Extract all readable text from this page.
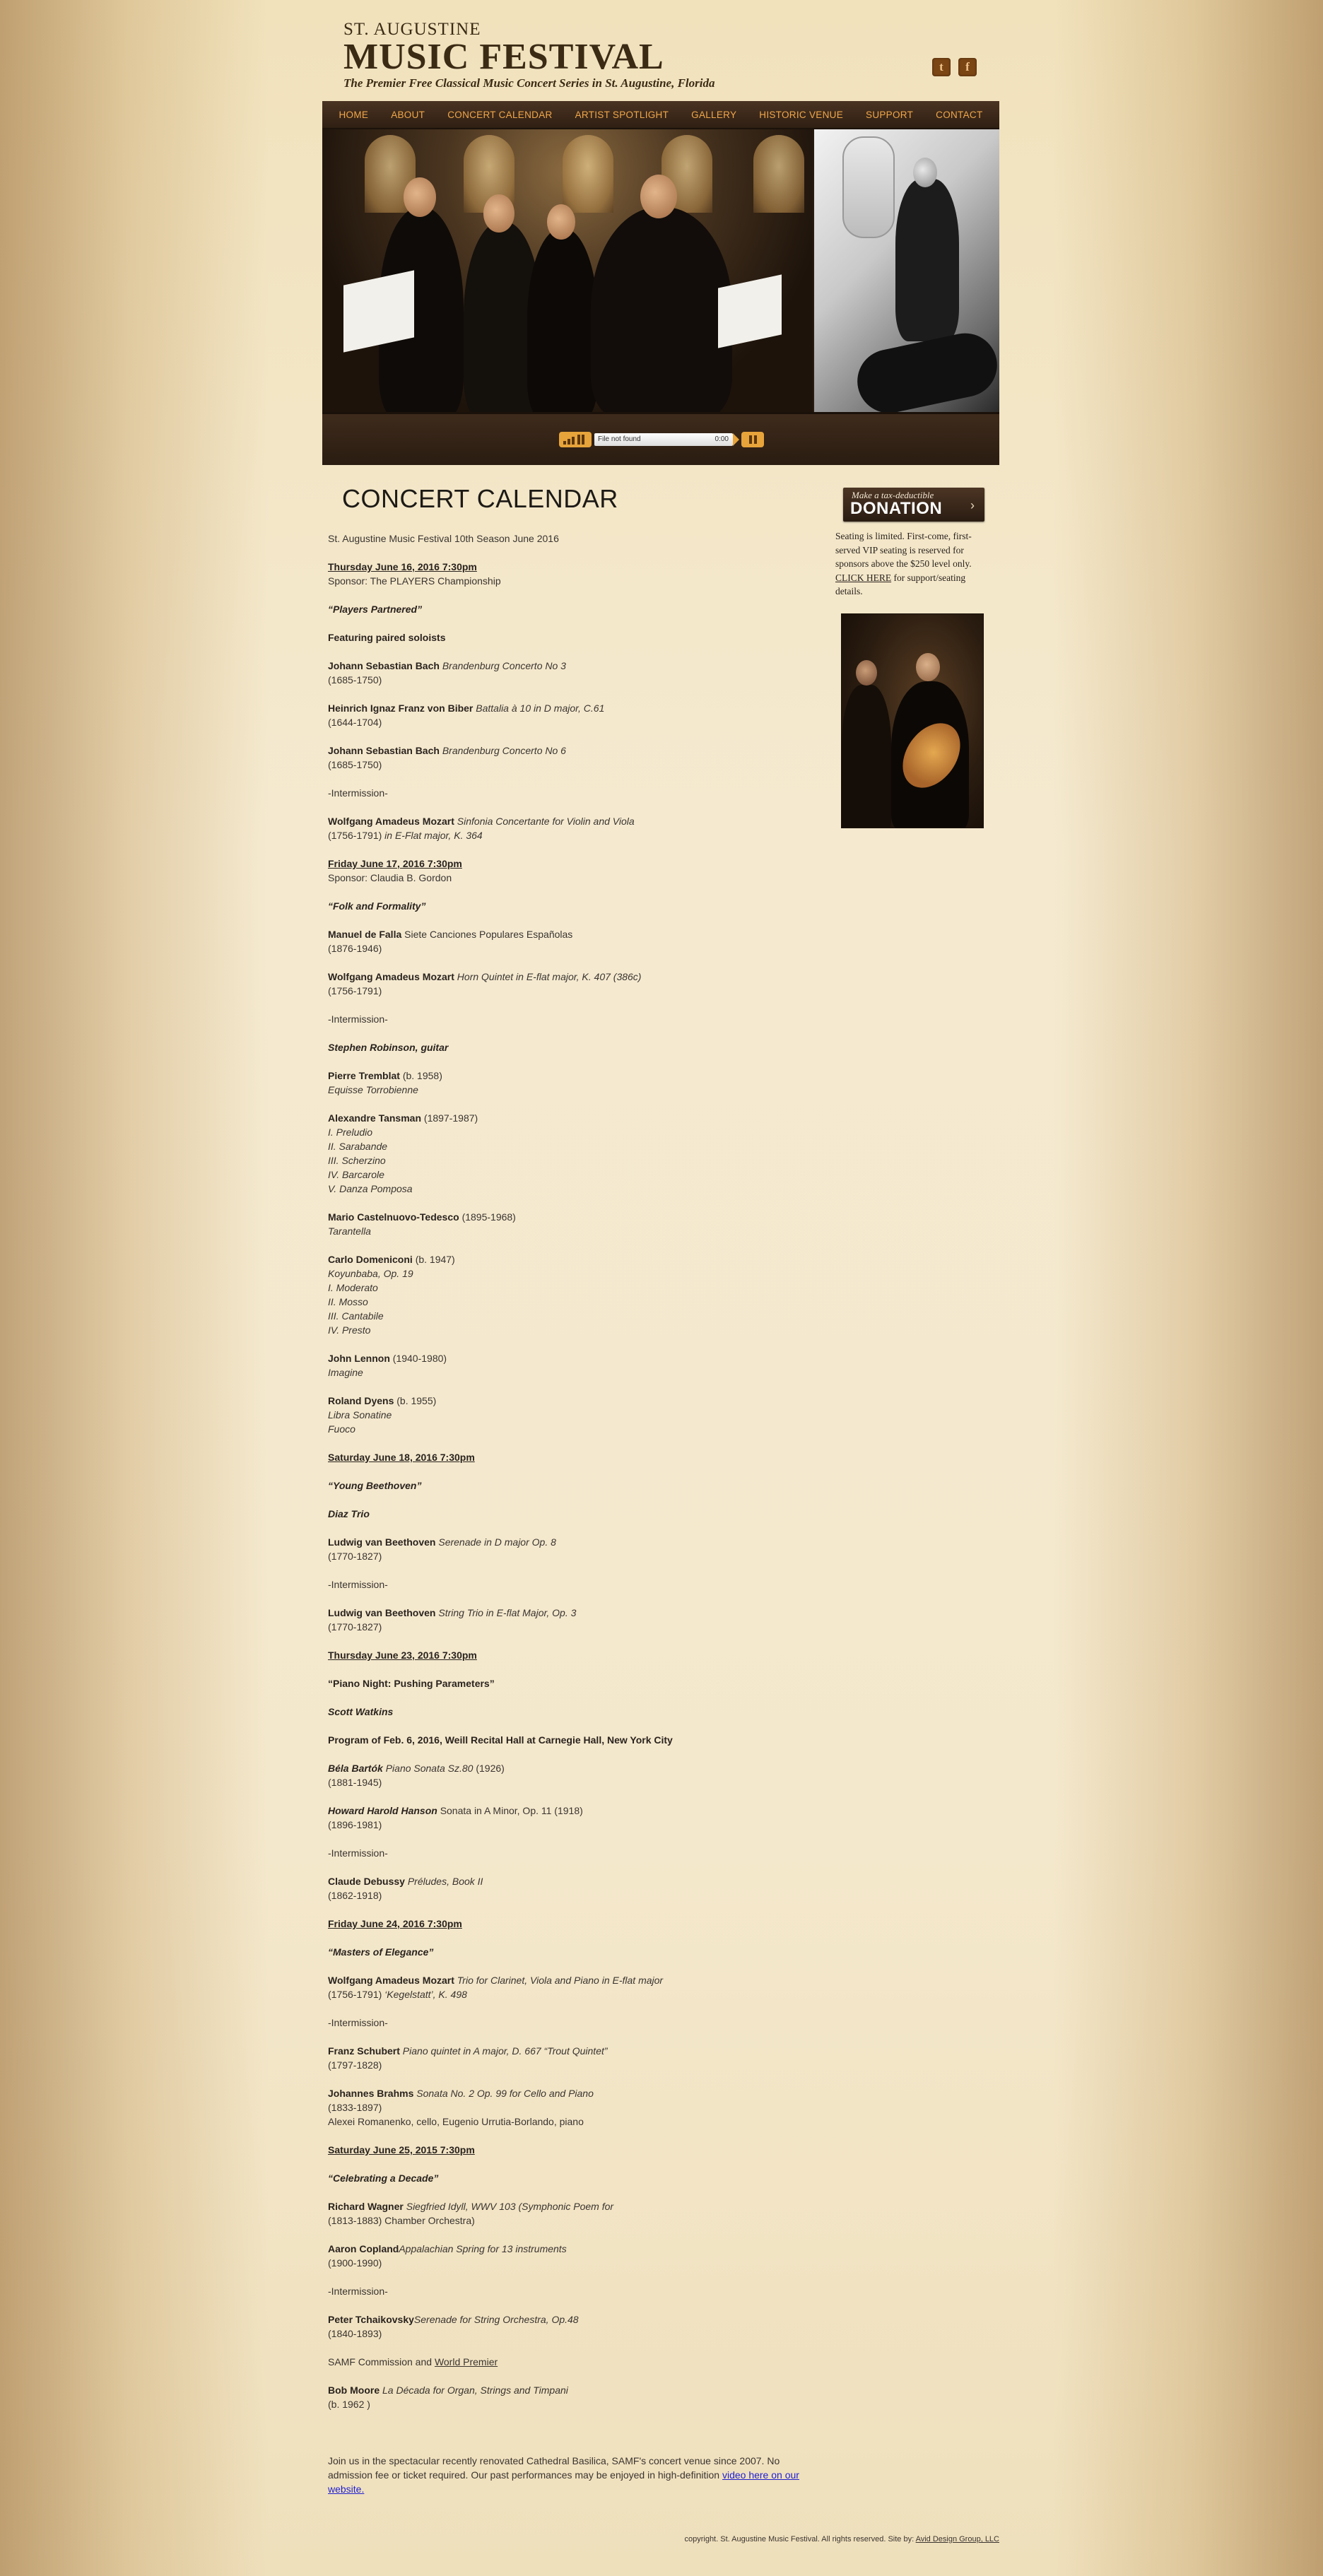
ST. AUGUSTINE
MUSIC FESTIVAL
The Premier Free Classical Music Concert Series in St. Augustine, Florida
t	f
HOME ABOUT CONCERT CALENDAR ARTIST SPOTLIGHT GALLERY HISTORIC VENUE SUPPORT CONTACT
File not found	0:00
CONCERT CALENDAR

St. Augustine Music Festival 10th Season June 2016

Thursday June 16, 2016 7:30pm
Sponsor: The PLAYERS Championship

“Players Partnered”

Featuring paired soloists

Johann Sebastian Bach Brandenburg Concerto No 3
(1685-1750)

Heinrich Ignaz Franz von Biber Battalia à 10 in D major, C.61
(1644-1704)

Johann Sebastian Bach Brandenburg Concerto No 6
(1685-1750)

-Intermission-

Wolfgang Amadeus Mozart Sinfonia Concertante for Violin and Viola
(1756-1791) in E-Flat major, K. 364

Friday June 17, 2016 7:30pm
Sponsor: Claudia B. Gordon

“Folk and Formality”

Manuel de Falla Siete Canciones Populares Españolas
(1876-1946)

Wolfgang Amadeus Mozart Horn Quintet in E-flat major, K. 407 (386c)
(1756-1791)

-Intermission-

Stephen Robinson, guitar

Pierre Tremblat (b. 1958)
Equisse Torrobienne

Alexandre Tansman (1897-1987)
I. Preludio
II. Sarabande
III. Scherzino
IV. Barcarole
V. Danza Pomposa

Mario Castelnuovo-Tedesco (1895-1968)
Tarantella

Carlo Domeniconi (b. 1947)
Koyunbaba, Op. 19
I. Moderato
II. Mosso
III. Cantabile
IV. Presto

John Lennon (1940-1980)
Imagine

Roland Dyens (b. 1955)
Libra Sonatine
Fuoco

Saturday June 18, 2016 7:30pm

“Young Beethoven”

Diaz Trio

Ludwig van Beethoven Serenade in D major Op. 8
(1770-1827)

-Intermission-

Ludwig van Beethoven String Trio in E-flat Major, Op. 3
(1770-1827)

Thursday June 23, 2016 7:30pm

“Piano Night: Pushing Parameters”

Scott Watkins

Program of Feb. 6, 2016, Weill Recital Hall at Carnegie Hall, New York City

Béla Bartók Piano Sonata Sz.80 (1926)
(1881-1945)

Howard Harold Hanson Sonata in A Minor, Op. 11 (1918)
(1896-1981)

-Intermission-

Claude Debussy Préludes, Book II
(1862-1918)

Friday June 24, 2016 7:30pm

“Masters of Elegance”

Wolfgang Amadeus Mozart Trio for Clarinet, Viola and Piano in E-flat major
(1756-1791) ‘Kegelstatt’, K. 498

-Intermission-

Franz Schubert Piano quintet in A major, D. 667 “Trout Quintet”
(1797-1828)

Johannes Brahms Sonata No. 2 Op. 99 for Cello and Piano
(1833-1897)
Alexei Romanenko, cello, Eugenio Urrutia-Borlando, piano

Saturday June 25, 2015 7:30pm

“Celebrating a Decade”

Richard Wagner Siegfried Idyll, WWV 103 (Symphonic Poem for
(1813-1883) Chamber Orchestra)

Aaron CoplandAppalachian Spring for 13 instruments
(1900-1990)

-Intermission-

Peter TchaikovskySerenade for String Orchestra, Op.48
(1840-1893)

SAMF Commission and World Premier

Bob Moore La Década for Organ, Strings and Timpani
(b. 1962 )

Join us in the spectacular recently renovated Cathedral Basilica, SAMF's concert venue since 2007. No admission fee or ticket required. Our past performances may be enjoyed in high-definition video here on our website.

Make a tax-deductible
DONATION ›
Seating is limited. First-come, first-served VIP seating is reserved for sponsors above the $250 level only. CLICK HERE for support/seating details.
copyright. St. Augustine Music Festival. All rights reserved. Site by: Avid Design Group, LLC
